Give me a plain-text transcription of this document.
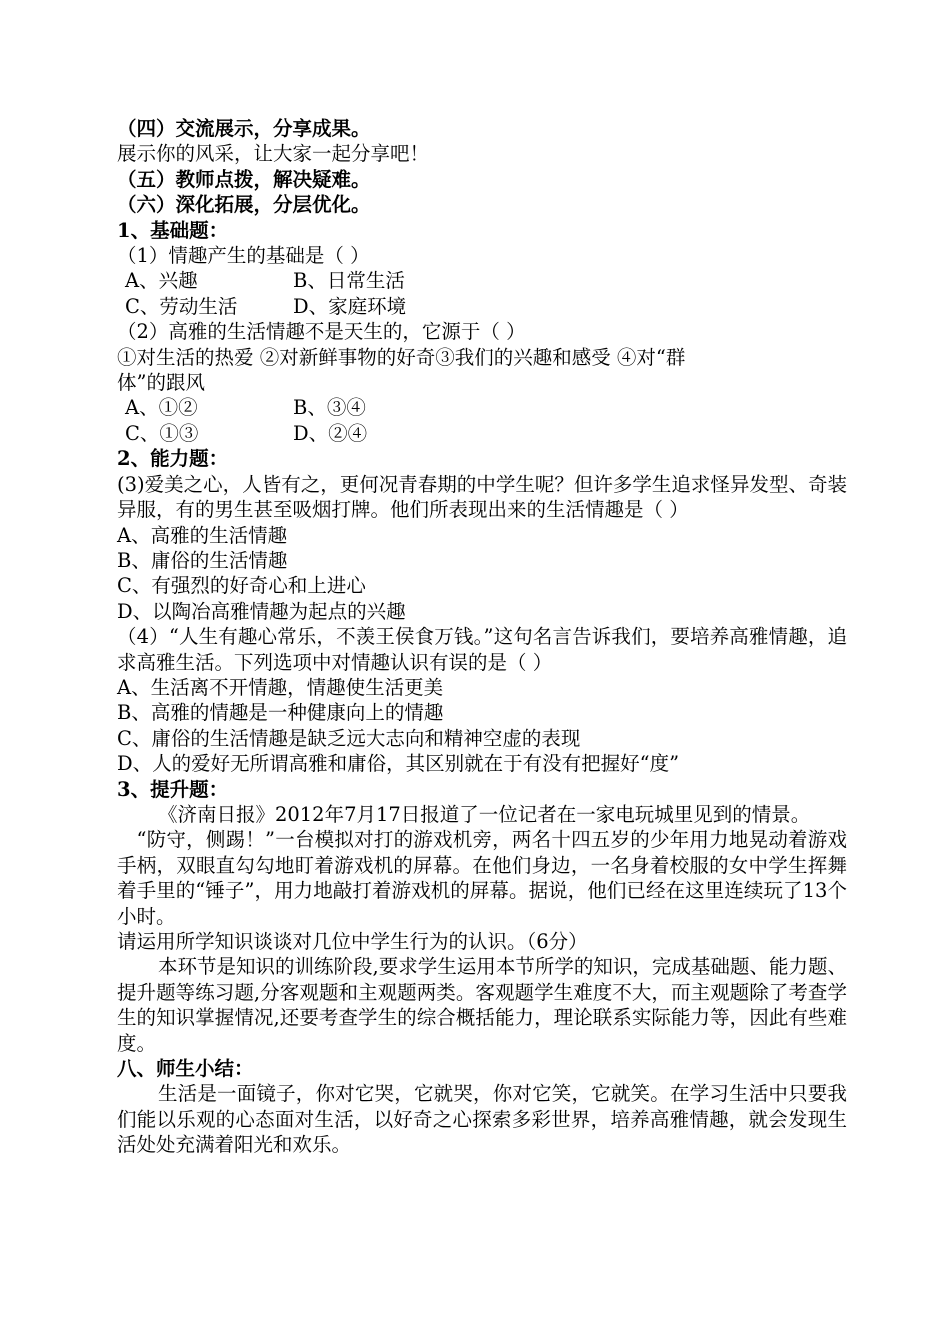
（四）交流展示，分享成果。
展示你的风采，让大家一起分享吧！
（五）教师点拨，解决疑难。
（六）深化拓展，分层优化。
1、基础题：
（1）情趣产生的基础是（ ）
A、兴趣	B、日常生活
C、劳动生活	D、家庭环境
（2）高雅的生活情趣不是天生的，它源于（ ）
①对生活的热爱 ②对新鲜事物的好奇③我们的兴趣和感受 ④对“群
体”的跟风
A、①②	B、③④
C、①③	D、②④
2、能力题：
(3)爱美之心，人皆有之，更何况青春期的中学生呢？但许多学生追求怪异发型、奇装异服，有的男生甚至吸烟打牌。他们所表现出来的生活情趣是（ ）
A、高雅的生活情趣
B、庸俗的生活情趣
C、有强烈的好奇心和上进心
D、以陶冶高雅情趣为起点的兴趣
（4）“人生有趣心常乐，不羡王侯食万钱。”这句名言告诉我们，要培养高雅情趣，追求高雅生活。下列选项中对情趣认识有误的是（ ）
A、生活离不开情趣，情趣使生活更美
B、高雅的情趣是一种健康向上的情趣
C、庸俗的生活情趣是缺乏远大志向和精神空虚的表现
D、人的爱好无所谓高雅和庸俗，其区别就在于有没有把握好“度”
3、提升题：
《济南日报》2012年7月17日报道了一位记者在一家电玩城里见到的情景。
“防守，侧踢！”一台模拟对打的游戏机旁，两名十四五岁的少年用力地晃动着游戏手柄，双眼直勾勾地盯着游戏机的屏幕。在他们身边，一名身着校服的女中学生挥舞着手里的“锤子”，用力地敲打着游戏机的屏幕。据说，他们已经在这里连续玩了13个小时。
请运用所学知识谈谈对几位中学生行为的认识。（6分）
本环节是知识的训练阶段,要求学生运用本节所学的知识，完成基础题、能力题、提升题等练习题,分客观题和主观题两类。客观题学生难度不大，而主观题除了考查学生的知识掌握情况,还要考查学生的综合概括能力，理论联系实际能力等，因此有些难度。
八、师生小结：
生活是一面镜子，你对它哭，它就哭，你对它笑，它就笑。在学习生活中只要我们能以乐观的心态面对生活，以好奇之心探索多彩世界，培养高雅情趣，就会发现生活处处充满着阳光和欢乐。
